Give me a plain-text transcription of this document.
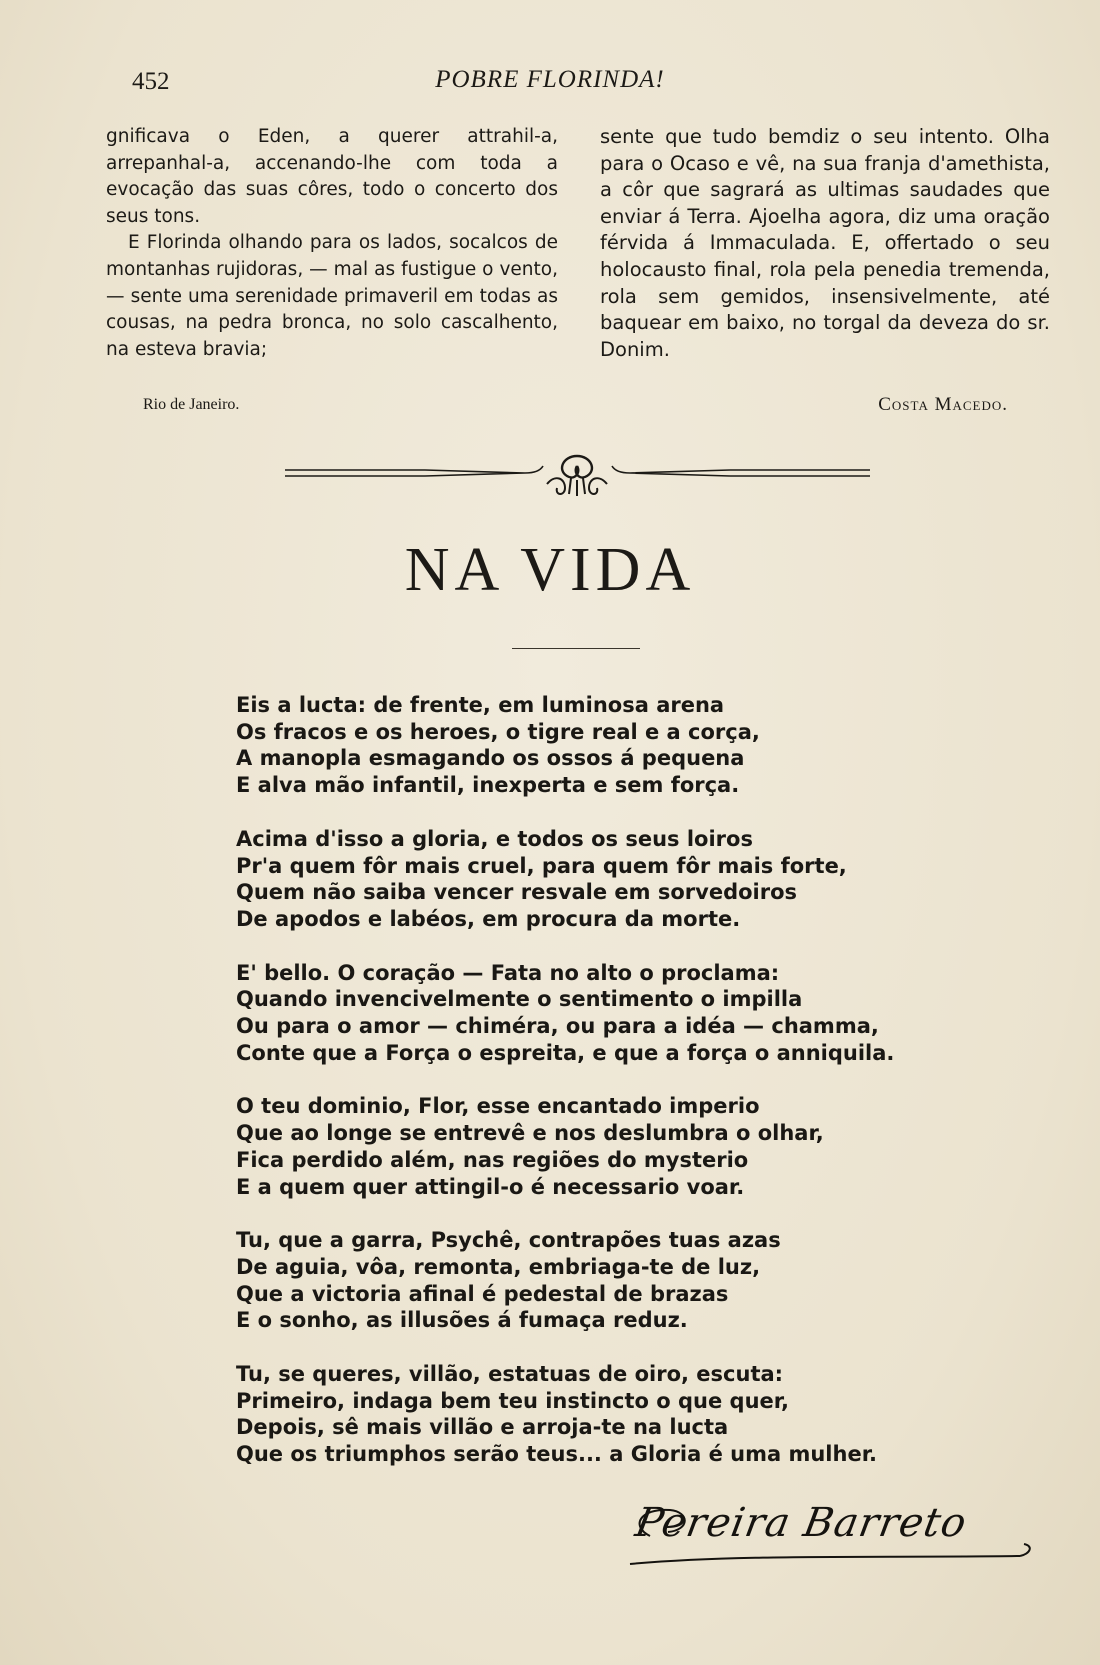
452	POBRE FLORINDA!

gnificava o Eden, a querer attrahil-a, arrepanhal-a, accenando-lhe com toda a evocação das suas côres, todo o concerto dos seus tons.

E Florinda olhando para os lados, socalcos de montanhas rujidoras, — mal as fustigue o vento, — sente uma serenidade primaveril em todas as cousas, na pedra bronca, no solo cascalhento, na esteva bravia;

sente que tudo bemdiz o seu intento. Olha para o Ocaso e vê, na sua franja d'amethista, a côr que sagrará as ultimas saudades que enviar á Terra. Ajoelha agora, diz uma oração férvida á Immaculada. E, offertado o seu holocausto final, rola pela penedia tremenda, rola sem gemidos, insensivelmente, até baquear em baixo, no torgal da deveza do sr. Donim.

Rio de Janeiro.	Costa Macedo.
NA VIDA
Eis a lucta: de frente, em luminosa arena
Os fracos e os heroes, o tigre real e a corça,
A manopla esmagando os ossos á pequena
E alva mão infantil, inexperta e sem força.
Acima d'isso a gloria, e todos os seus loiros
Pr'a quem fôr mais cruel, para quem fôr mais forte,
Quem não saiba vencer resvale em sorvedoiros
De apodos e labéos, em procura da morte.
E' bello. O coração — Fata no alto o proclama:
Quando invencivelmente o sentimento o impilla
Ou para o amor — chiméra, ou para a idéa — chamma,
Conte que a Força o espreita, e que a força o anniquila.
O teu dominio, Flor, esse encantado imperio
Que ao longe se entrevê e nos deslumbra o olhar,
Fica perdido além, nas regiões do mysterio
E a quem quer attingil-o é necessario voar.
Tu, que a garra, Psychê, contrapões tuas azas
De aguia, vôa, remonta, embriaga-te de luz,
Que a victoria afinal é pedestal de brazas
E o sonho, as illusões á fumaça reduz.
Tu, se queres, villão, estatuas de oiro, escuta:
Primeiro, indaga bem teu instincto o que quer,
Depois, sê mais villão e arroja-te na lucta
Que os triumphos serão teus... a Gloria é uma mulher.
Pereira Barreto
